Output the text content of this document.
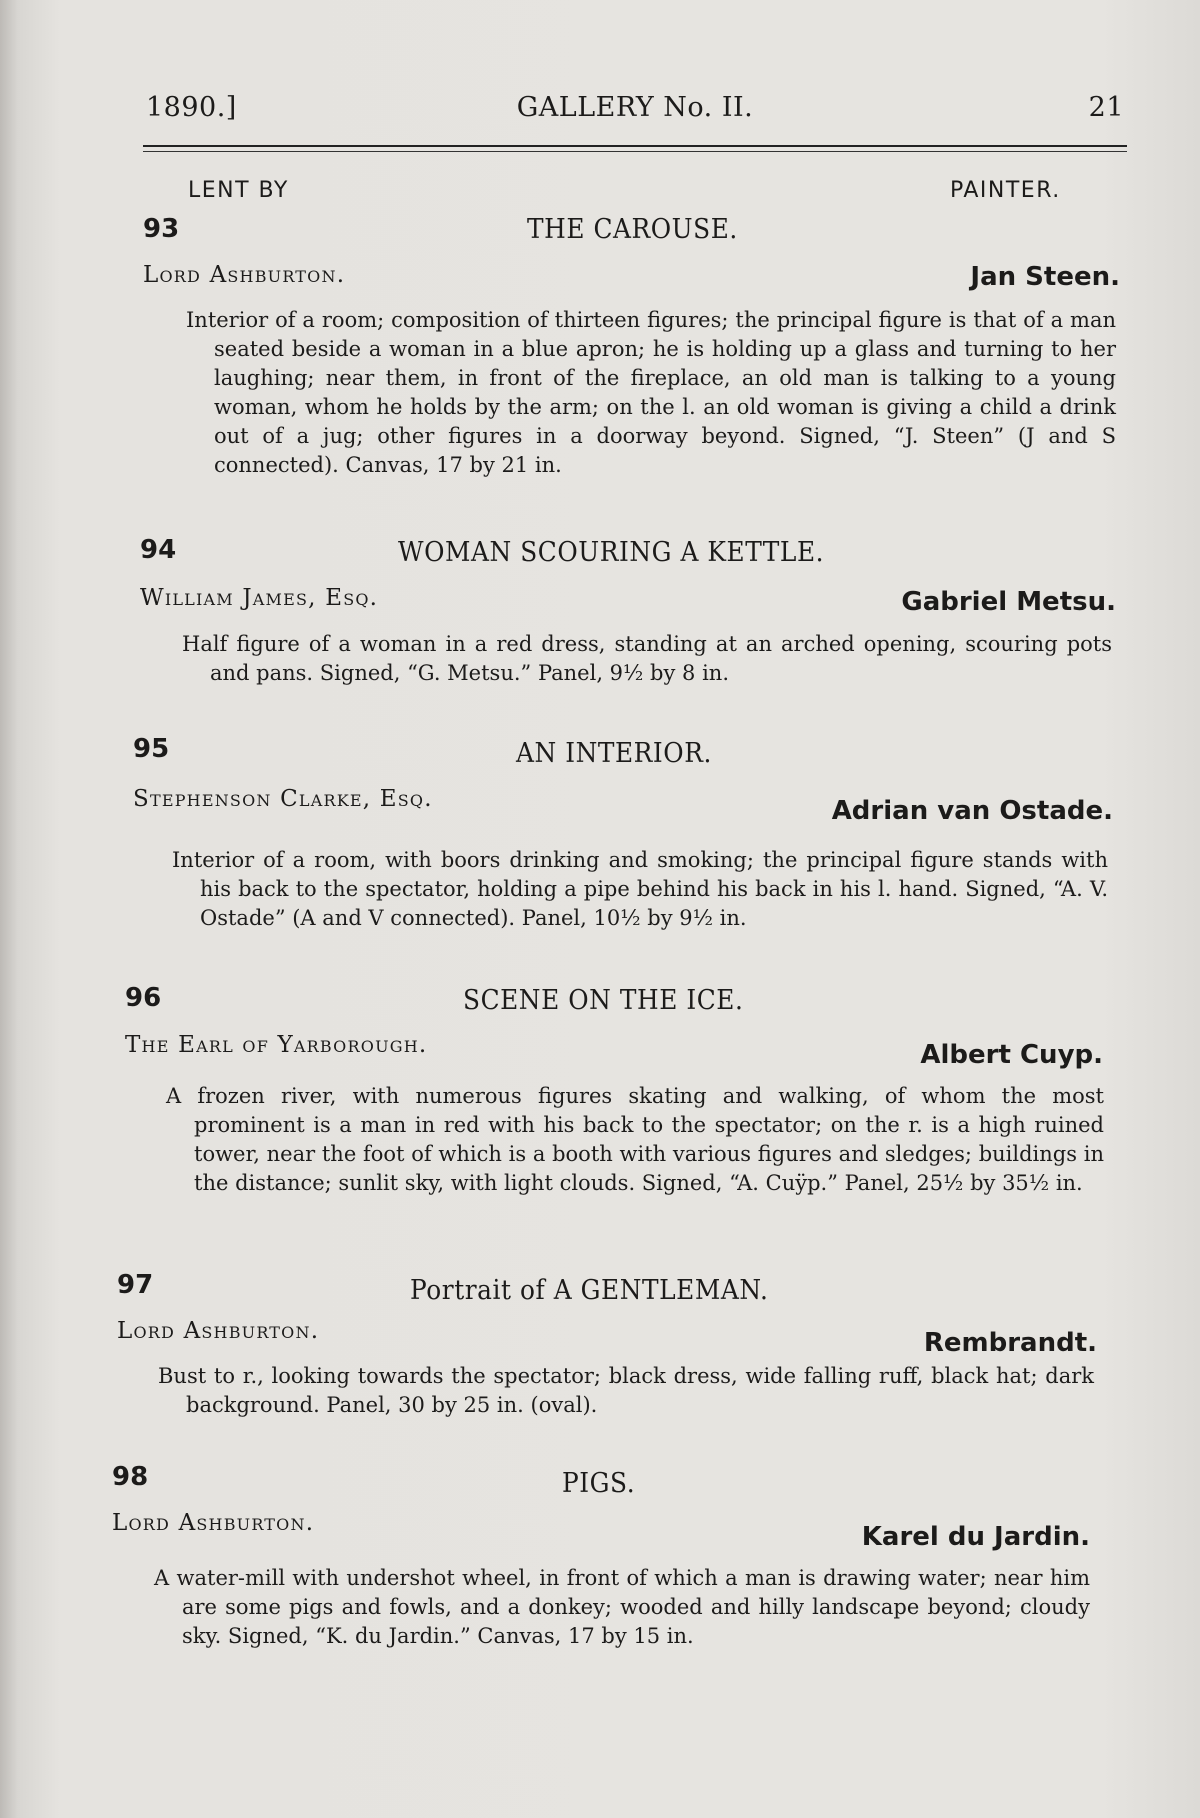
1890.]	GALLERY No. II.	21
LENT BY	PAINTER.
93	THE CAROUSE.
Lord Ashburton.	Jan Steen.

Interior of a room; composition of thirteen figures; the principal figure is that of a man seated beside a woman in a blue apron; he is holding up a glass and turning to her laughing; near them, in front of the fireplace, an old man is talking to a young woman, whom he holds by the arm; on the l. an old woman is giving a child a drink out of a jug; other figures in a doorway beyond. Signed, “J. Steen” (J and S connected). Canvas, 17 by 21 in.

94	WOMAN SCOURING A KETTLE.
William James, Esq.	Gabriel Metsu.

Half figure of a woman in a red dress, standing at an arched opening, scouring pots and pans. Signed, “G. Metsu.” Panel, 9½ by 8 in.

95	AN INTERIOR.
Stephenson Clarke, Esq.	Adrian van Ostade.

Interior of a room, with boors drinking and smoking; the principal figure stands with his back to the spectator, holding a pipe behind his back in his l. hand. Signed, “A. V. Ostade” (A and V connected). Panel, 10½ by 9½ in.

96	SCENE ON THE ICE.
The Earl of Yarborough.	Albert Cuyp.

A frozen river, with numerous figures skating and walking, of whom the most prominent is a man in red with his back to the spectator; on the r. is a high ruined tower, near the foot of which is a booth with various figures and sledges; buildings in the distance; sunlit sky, with light clouds. Signed, “A. Cuÿp.” Panel, 25½ by 35½ in.

97	Portrait of A GENTLEMAN.
Lord Ashburton.	Rembrandt.

Bust to r., looking towards the spectator; black dress, wide falling ruff, black hat; dark background. Panel, 30 by 25 in. (oval).

98	PIGS.
Lord Ashburton.	Karel du Jardin.

A water-mill with undershot wheel, in front of which a man is drawing water; near him are some pigs and fowls, and a donkey; wooded and hilly landscape beyond; cloudy sky. Signed, “K. du Jardin.” Canvas, 17 by 15 in.
